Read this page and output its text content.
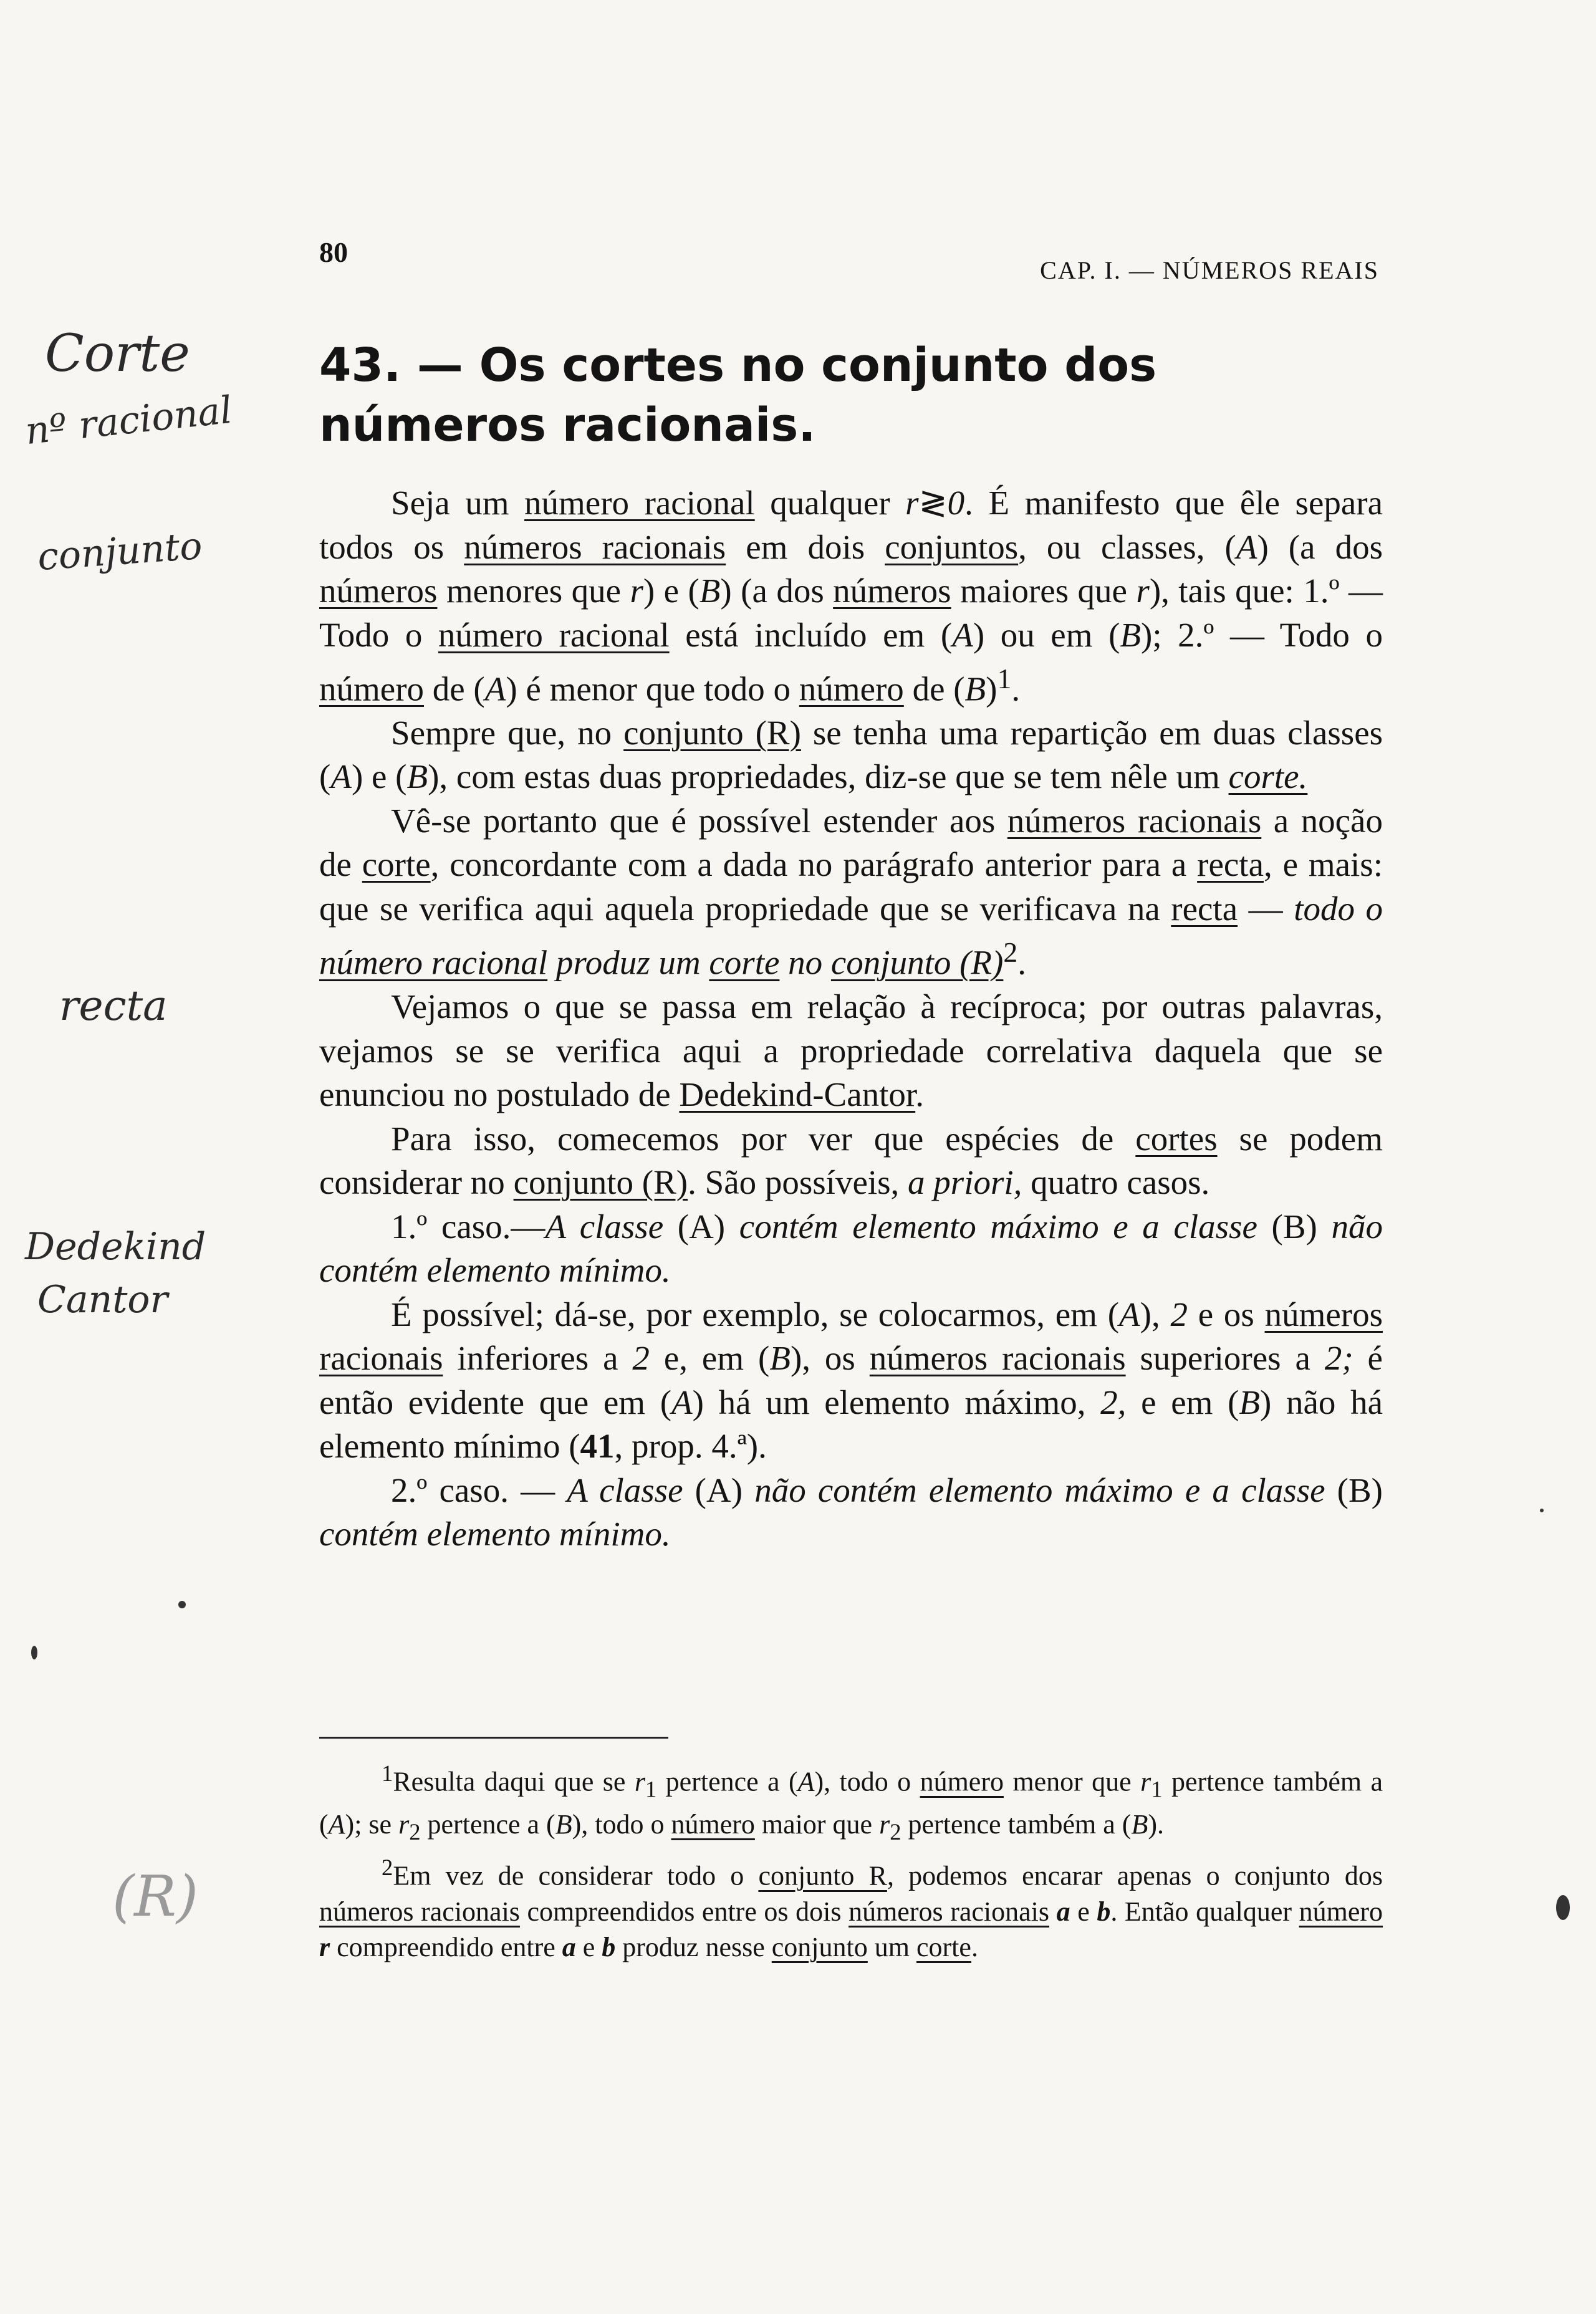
80
CAP. I. — NÚMEROS REAIS
43. — Os cortes no conjunto dos números racionais.

Seja um número racional qualquer r≷0. É manifesto que êle separa todos os números racionais em dois conjuntos, ou classes, (A) (a dos números menores que r) e (B) (a dos números maiores que r), tais que: 1.º — Todo o número racional está incluído em (A) ou em (B); 2.º — Todo o número de (A) é menor que todo o número de $(B)^1$.

Sempre que, no conjunto (R) se tenha uma repartição em duas classes (A) e (B), com estas duas propriedades, diz-se que se tem nêle um corte.

Vê-se portanto que é possível estender aos números racionais a noção de corte, concordante com a dada no parágrafo anterior para a recta, e mais: que se verifica aqui aquela propriedade que se verificava na recta — todo o número racional produz um corte no conjunto $(R)^2$.

Vejamos o que se passa em relação à recíproca; por outras palavras, vejamos se se verifica aqui a propriedade correlativa daquela que se enunciou no postulado de Dedekind-Cantor.

Para isso, comecemos por ver que espécies de cortes se podem considerar no conjunto (R). São possíveis, a priori, quatro casos.

1.º caso.—A classe (A) contém elemento máximo e a classe (B) não contém elemento mínimo.

É possível; dá-se, por exemplo, se colocarmos, em (A), 2 e os números racionais inferiores a 2 e, em (B), os números racionais superiores a 2; é então evidente que em (A) há um elemento máximo, 2, e em (B) não há elemento mínimo (41, prop. 4.ª).

2.º caso. — A classe (A) não contém elemento máximo e a classe (B) contém elemento mínimo.

$^1$Resulta daqui que se $r_1$ pertence a (A), todo o número menor que $r_1$ pertence também a (A); se $r_2$ pertence a (B), todo o número maior que $r_2$ pertence também a (B).

$^2$Em vez de considerar todo o conjunto R, podemos encarar apenas o conjunto dos números racionais compreendidos entre os dois números racionais a e b. Então qualquer número r compreendido entre a e b produz nesse conjunto um corte.

Corte
nº racional
conjunto
recta
Dedekind
Cantor
(R)
